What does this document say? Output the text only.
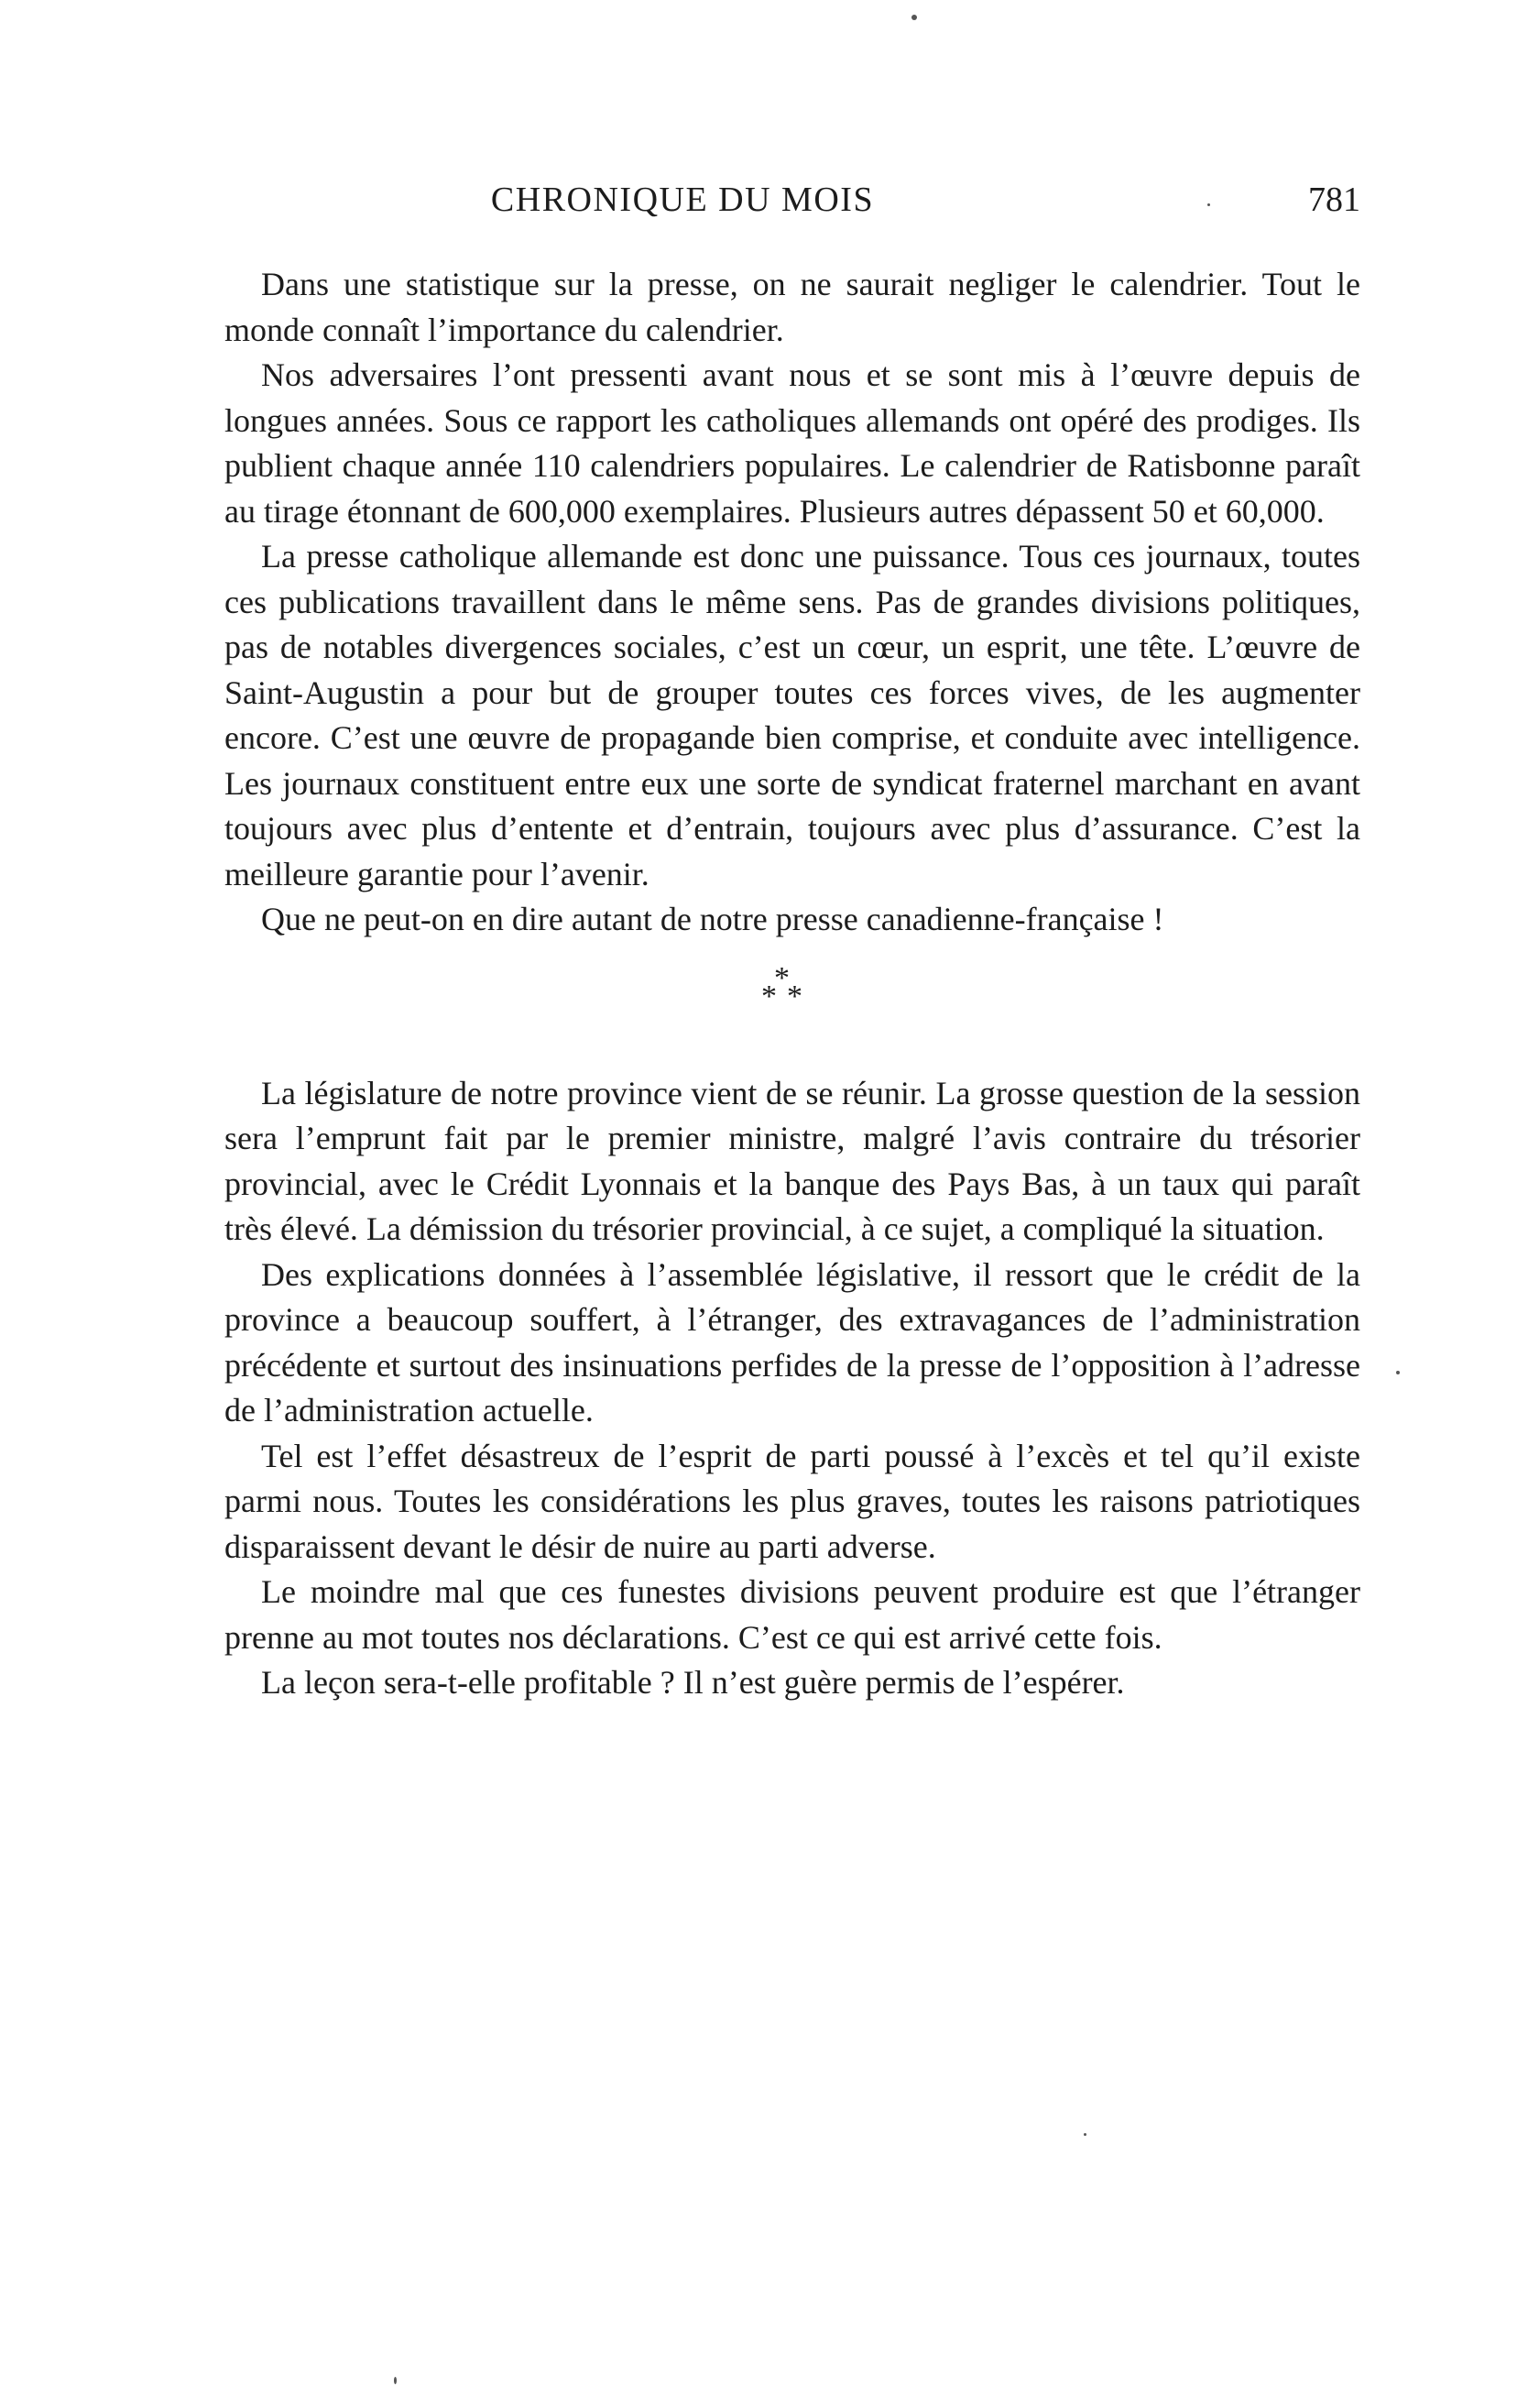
CHRONIQUE DU MOIS	781

Dans une statistique sur la presse, on ne saurait negliger le calendrier. Tout le monde connaît l’importance du calendrier.

Nos adversaires l’ont pressenti avant nous et se sont mis à l’œuvre depuis de longues années. Sous ce rapport les catholiques allemands ont opéré des prodiges. Ils publient chaque année 110 calendriers populaires. Le calendrier de Ratisbonne paraît au tirage étonnant de 600,000 exemplaires. Plusieurs autres dépassent 50 et 60,000.

La presse catholique allemande est donc une puissance. Tous ces journaux, toutes ces publications travaillent dans le même sens. Pas de grandes divisions politiques, pas de notables divergences sociales, c’est un cœur, un esprit, une tête. L’œuvre de Saint-Augustin a pour but de grouper toutes ces forces vives, de les augmenter encore. C’est une œuvre de propagande bien comprise, et conduite avec intelligence. Les journaux constituent entre eux une sorte de syndicat fraternel marchant en avant toujours avec plus d’entente et d’entrain, toujours avec plus d’assurance. C’est la meilleure garantie pour l’avenir.

Que ne peut-on en dire autant de notre presse canadienne-française !

*
* *

La législature de notre province vient de se réunir. La grosse question de la session sera l’emprunt fait par le premier ministre, malgré l’avis contraire du trésorier provincial, avec le Crédit Lyonnais et la banque des Pays Bas, à un taux qui paraît très élevé. La démission du trésorier provincial, à ce sujet, a compliqué la situation.

Des explications données à l’assemblée législative, il ressort que le crédit de la province a beaucoup souffert, à l’étranger, des extravagances de l’administration précédente et surtout des insinuations perfides de la presse de l’opposition à l’adresse de l’administration actuelle.

Tel est l’effet désastreux de l’esprit de parti poussé à l’excès et tel qu’il existe parmi nous. Toutes les considérations les plus graves, toutes les raisons patriotiques disparaissent devant le désir de nuire au parti adverse.

Le moindre mal que ces funestes divisions peuvent produire est que l’étranger prenne au mot toutes nos déclarations. C’est ce qui est arrivé cette fois.

La leçon sera-t-elle profitable ? Il n’est guère permis de l’espérer.
